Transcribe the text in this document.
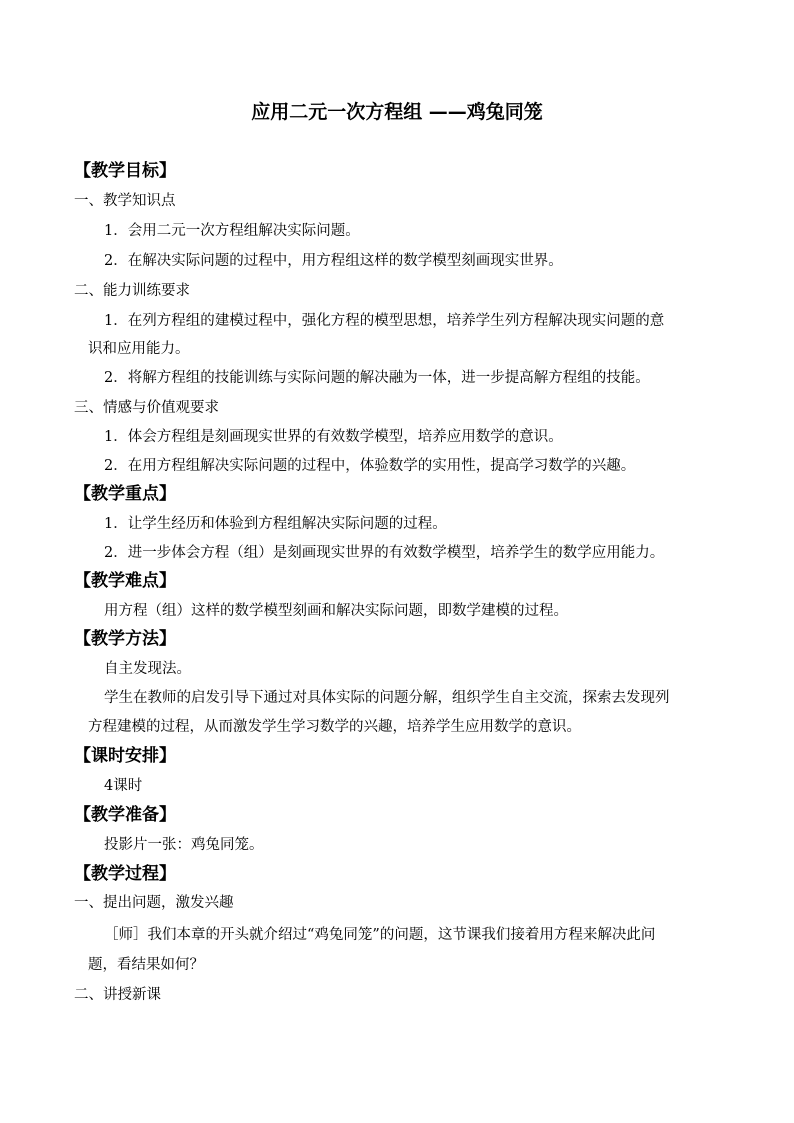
应用二元一次方程组 ——鸡兔同笼
【教学目标】
一、教学知识点
1．会用二元一次方程组解决实际问题。
2．在解决实际问题的过程中，用方程组这样的数学模型刻画现实世界。
二、能力训练要求
1．在列方程组的建模过程中，强化方程的模型思想，培养学生列方程解决现实问题的意
识和应用能力。
2．将解方程组的技能训练与实际问题的解决融为一体，进一步提高解方程组的技能。
三、情感与价值观要求
1．体会方程组是刻画现实世界的有效数学模型，培养应用数学的意识。
2．在用方程组解决实际问题的过程中，体验数学的实用性，提高学习数学的兴趣。
【教学重点】
1．让学生经历和体验到方程组解决实际问题的过程。
2．进一步体会方程（组）是刻画现实世界的有效数学模型，培养学生的数学应用能力。
【教学难点】
用方程（组）这样的数学模型刻画和解决实际问题，即数学建模的过程。
【教学方法】
自主发现法。
学生在教师的启发引导下通过对具体实际的问题分解，组织学生自主交流，探索去发现列
方程建模的过程，从而激发学生学习数学的兴趣，培养学生应用数学的意识。
【课时安排】
4课时
【教学准备】
投影片一张：鸡兔同笼。
【教学过程】
一、提出问题，激发兴趣
［师］我们本章的开头就介绍过“鸡兔同笼”的问题，这节课我们接着用方程来解决此问
题，看结果如何？
二、讲授新课
